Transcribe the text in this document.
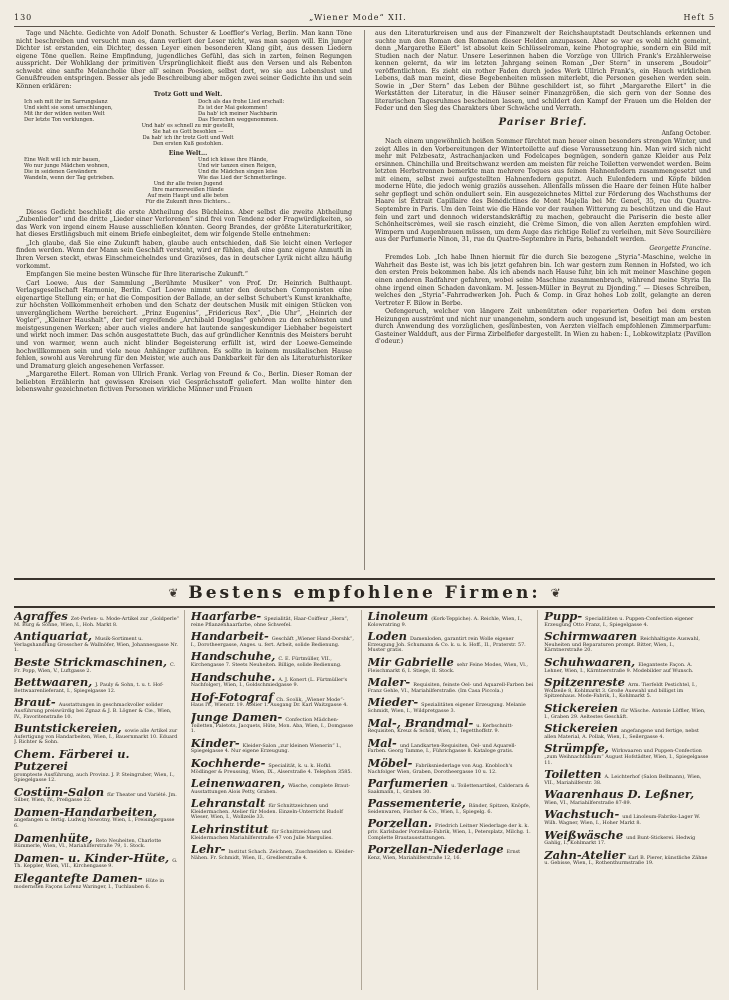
130	„Wiener Mode“ XII.	Heft 5

Tage und Nächte. Gedichte von Adolf Donath. Schuster & Loeffler's Verlag, Berlin. Man kann Töne nicht beschreiben und versucht man es, dann verliert der Leser nicht, was man sagen will. Ein junger Dichter ist erstanden, ein Dichter, dessen Leyer einen besonderen Klang gibt, aus dessen Liedern eigene Töne quellen. Reine Empfindung, jugendliches Gefühl, das sich in zarten, feinen Regungen ausspricht. Der Wohlklang der primitiven Ursprünglichkeit fließt aus den Versen und als Rebenton schwebt eine sanfte Melancholie über all' seinen Poesien, selbst dort, wo sie aus Lebenslust und Genußfreuden entspringen. Besser als jede Beschreibung aber mögen zwei seiner Gedichte ihn und sein Können erklären:

Trotz Gott und Welt.
Ich seh mit ihr im Sarrungslanz
Und sieht sie sonst umschlungen,
Mit ihr der wilden weiten Welt
Der letzte Ton verklungen.
Doch als das frohe Lied erschall:
Es ist der Mai gekommen!
Da hab' ich meiner Nachbarin
Das Herzchen weggenommen.
Und hab' es schnell zu mir gestellt,
Sie hat es Gott besohlen —
Da hab' ich ihr trotz Gott und Welt
Den ersten Kuß gestohlen.
Eine Welt...
Eine Welt will ich mir bauen,
Wo nur junge Mädchen wohnen,
Die in seidenen Gewändern
Wandeln, wenn der Tag getrieben.
Und ich küsse ihre Hände,
Und wir tanzen einen Reigen,
Und die Mädchen singen leise
Wie das Lied der Schmetterlinge.
Und ihr alle freien Jugend
Ihre marmorweißen Hände
Auf mein Haupt und alle beten
Für die Zukunft ihres Dichters...

Dieses Gedicht beschließt die erste Abtheilung des Büchleins. Aber selbst die zweite Abtheilung „Zubenlieder“ und die dritte „Lieder einer Verlorenen“ sind frei von Tendenz oder Fragwürdigkeiten, so das Werk von irgend einem Hause ausschließen könnten. Georg Brandes, der größte Literaturkritiker, hat dieses Erstlingsbuch mit einem Briefe einbegleitet, dem wir folgende Stelle entnehmen:

„Ich glaube, daß Sie eine Zukunft haben, glaube auch entschieden, daß Sie leicht einen Verleger finden werden. Wenn der Mann sein Geschäft versteht, wird er fühlen, daß eine ganz eigene Anmuth in Ihren Versen steckt, etwas Einschmeichelndes und Graziöses, das in deutscher Lyrik nicht allzu häufig vorkommt.

Empfangen Sie meine besten Wünsche für Ihre literarische Zukunft.“

Carl Loewe. Aus der Sammlung „Berühmte Musiker“ von Prof. Dr. Heinrich Bulthaupt. Verlagsgesellschaft Harmonie, Berlin. Carl Loewe nimmt unter den deutschen Componisten eine eigenartige Stellung ein; er hat die Composition der Ballade, an der selbst Schubert's Kunst krankhafte, zur höchsten Vollkommenheit erhoben und den Schatz der deutschen Musik mit einigen Stücken von unvergänglichem Werthe bereichert. „Prinz Eugenius“, „Fridericus Rex“, „Die Uhr“, „Heinrich der Vogler“, „Kleiner Haushalt“, der tief ergreifende „Archibald Douglas“ gehören zu den schönsten und meistgesungenen Werken; aber auch vieles andere hat lautende sangeskundiger Liebhaber begeistert und wirkt noch immer. Das schön ausgestattete Buch, das auf gründlicher Kenntnis des Meisters beruht und von warmer, wenn auch nicht blinder Begeisterung erfüllt ist, wird der Loewe-Gemeinde hochwillkommen sein und viele neue Anhänger zuführen. Es sollte in keinem musikalischen Hause fehlen, sowohl aus Verehrung für den Meister, wie auch aus Dankbarkeit für den als Literaturhistoriker und Dramaturg gleich angesehenen Verfasser.

„Margarethe Eilert. Roman von Ullrich Frank. Verlag von Freund & Co., Berlin. Dieser Roman der beliebten Erzählerin hat gewissen Kreisen viel Gesprächsstoff geliefert. Man wollte hinter den lebenswahr gezeichneten fictiven Personen wirkliche Männer und Frauen

aus den Literaturkreisen und aus der Finanzwelt der Reichshauptstadt Deutschlands erkennen und suchte nun den Roman den Romanen dieser Helden anzupassen. Aber so war es wohl nicht gemeint, denn „Margarethe Eilert“ ist absolut kein Schlüsselroman, keine Photographie, sondern ein Bild mit Studien nach der Natur. Unsere Leserinnen haben die Vorzüge von Ullrich Frank's Erzählerweise kennen gelernt, da wir im letzten Jahrgang seinen Roman „Der Stern“ in unserem „Boudoir“ veröffentlichten. Es zieht ein rother Faden durch jedes Werk Ullrich Frank's, ein Hauch wirklichen Lebens, daß man meint, diese Begebenheiten müssen miterlebt, die Personen gesehen werden sein. Sowie in „Der Stern“ das Leben der Bühne geschildert ist, so führt „Margarethe Eilert“ in die Werkstätten der Literatur, in die Häuser seiner Finanzgrößen, die sich gern von der Sonne des literarischen Tagesruhmes bescheinen lassen, und schildert den Kampf der Frauen um die Helden der Feder und den Sieg des Charakters über Schwäche und Verrath.

Pariser Brief.
Anfang October.

Nach einem ungewöhnlich heißen Sommer fürchtet man heuer einen besonders strengen Winter, und zeigt Alles in den Vorbereitungen der Wintertoilette auf diese Voraussetzung hin. Man wird sich nicht mehr mit Pelzbesatz, Astrachanjacken und Fodelcapes begnügen, sondern ganze Kleider aus Pelz ersinnen. Chinchilla und Breitschwanz werden am meisten für reiche Toiletten verwendet werden. Beim letzten Herbstrennen bemerkte man mehrere Toques aus feinen Hahnenfedern zusammengesetzt und mit einem, selbst zwei aufgestellten Hahnenfedern geputzt. Auch Eulenfedern und Köpfe bilden moderne Hüte, die jedoch wenig graziös aussehen. Allenfalls müssen die Haare der feinen Hüte halber sehr gepflegt und schön onduliert sein. Ein ausgezeichnetes Mittel zur Förderung des Wachsthums der Haare ist Extrait Capillaire des Bénédictines de Mont Majella bei Mr. Genet, 35, rue du Quatre-Septembre in Paris. Um den Teint wie die Hände vor der rauhen Witterung zu beschützen und die Haut fein und zart und dennoch widerstandskräftig zu machen, gebraucht die Pariserin die beste aller Schönheitscrèmes, weil sie rasch einzieht, die Crème Simon, die von allen Aerzten empfohlen wird. Wimpern und Augenbrauen müssen, um dem Auge das richtige Relief zu verleihen, mit Sève Sourcilière aus der Parfumerie Ninon, 31, rue du Quatre-Septembre in Paris, behandelt werden.

Georgette Francine.

Fremdes Lob. „Ich habe Ihnen hiermit für die durch Sie bezogene „Styria“-Maschine, welche in Wahrheit das Beste ist, was ich bis jetzt gefahren bin. Ich war gestern zum Rennen in Hofsted, wo ich den ersten Preis bekommen habe. Als ich abends nach Hause fuhr, bin ich mit meiner Maschine gegen einen anderen Radfahrer gefahren, wobei seine Maschine zusammenbrach, während meine Styria Ila ohne irgend einen Schaden davonkam. M. Jessen-Müller in Beyrut zu Djonding.“ — Dieses Schreiben, welches den „Styria“-Fahrradwerken Joh. Puch & Comp. in Graz hohes Lob zollt, gelangte an deren Vertreter F. Bilow in Berbe.

Oefengeruch, welcher von längere Zeit unbenützten oder reparierten Oefen bei dem ersten Heizungen ausströmt und nicht nur unangenehm, sondern auch ungesund ist, beseitigt man am besten durch Anwendung des vorzüglichen, geslünbesten, von Aerzten vielfach empfohlenen Zimmerparfum: Gasteiner Waldduft, aus der Firma Zirbelfiefer dargestellt. In Wien zu haben: I., Lobkowitzplatz (Pavillon d'odeur.)

❦ Bestens empfohlene Firmen: ❦
Agraffes Zet-Perlen- u. Mode-Artikel zur „Goldperle“ M. Burg & Söhne, Wien, I., Hoh. Markt 8.
Antiquariat, Musik-Sortiment u. Verlagshandlung Grosscher & Wallnöfer, Wien, Johannesgasse Nr. 1.
Beste Strickmaschinen, C. Fr. Popp, Wien, V., Luftgasse 2.
Bettwaaren, J. Pauly & Sohn, t. u. t. Hof-Bettwaarenlieferant, I., Spiegelgasse 12.
Braut- Ausstattungen in geschmackvoller solider Ausführung preiswürdig bei Zgnaz & J. B. Lögner & Cie., Wien, IV., Favoritenstraße 10.
Buntstickereien, sowie alle Artikel zur Aufertigung von Handarbeiten, Wien, I., Bauernmarkt 10. Eduard J. Richter & Sohn.
Chem. Färberei u. Putzereiprompteste Ausführung, auch Provinz. J. P. Steingruber, Wien, I., Spiegelgasse 12.
Costüm-Salon für Theater und Variété. Jm. Silber, Wien, IV., Preßgasse 22.
Damen-Handarbeiten,angefangen u. fertig. Ludwig Nowotny, Wien, I., Freisingergasse 6.
Damenhüte, Reto Neuheiten, Charlotte Rümmerle, Wien, VI., Mariahilferstraße 79, 1. Stock.
Damen- u. Kinder-Hüte, G. Th. Keppler, Wien, VII., Kirchengasse 9.
Elegantefte Damen- Hüte in modernsten Façons Lorenz Waringer, I., Tuchlauben 6.
Haarfarbe- Spezialität, Haar-Coiffeur „Hera“, reine Pflanzenhaarfarbe, ohne Schwefel.
Handarbeit- Geschäft „Wiener Hand-Dorshk“, I., Dorotheergasse, Anges. u. fert. Arbeit, solide Bedienung.
Handschuhe, C. E. Fürtmüller, VII., Kirchengasse 7. Steets Neuheiten. Billige, solide Bedienung.
Handschuhe. A. J. Konert (L. Fürtmüller's Nachfolger), Wien, I., Goldschmiedgasse 9.
Hof-Fotograf Ch. Scolik, „Wiener Mode“-Haus IV., Wienstr. 19. Atelier 1. Ausgang Dr. Karl Waitzgasse 4.
Junge Damen- Confection Mädchen-Toiletten, Paletots, Jacquets, Hüte, Mon. Aba, Wien, I., Domgasse 1.
Kinder- Kleider-Salon „zur kleinen Wienerin“ I., Spiegelgasse 4. Nur eigene Erzeugung.
Kochherde- Specialität, k. u. k. Hofkl. Mödlinger & Preussing, Wien, IX., Alserstraße 4. Telephon 3585.
Leinenwaaren, Wäsche, complete Braut-Ausstattungen Alois Petty, Graben.
Lehranstalt für Schnittzeichnen und Kleidermachen. Atelier für Moden. Einzeln-Unterricht Rudolf Wieser, Wien, I., Wollzeile 33.
Lehrinstitut für Schnittzeichnen und Kleidermachen Mariahilferstraße 47 von Julie Margulies.
Lehr- Institut Schach. Zeichnen, Zuschneiden u. Kleider-Nähen. Fr. Schmidt, Wien, II., Gredlerstraße 4.
Linoleum (Kork-Teppiche). A. Reichle, Wien, I., Kolowratring 9.
Loden Damenloden, garantirt rein Wolle eigener Erzeugung Joh. Schumann & Co. k. u. k. Hoff., II., Praterstr. 57. Muster gratis.
Mir Gabrielle sehr Feine Modes, Wien, Vl., Fleischmarkt 6, I. Stiege, II. Stock.
Maler- Requisiten, feinste Oel- und Aquarell-Farben bei Franz Gehle, VI., Mariahilferstraße. (Im Casa Piccola.)
Mieder- Spezialitäten eigener Erzeugung. Melanie Schmidt, Wien, I., Wildpretgasse 3.
Mal-, Brandmal- u. Kerbschnitt-Requisiten, Kreuz & Schöll, Wien, I., Tegetthoffstr. 9.
Mal- und Landkarten-Requisiten, Oel- und Aquarell-Farben. Georg Tamme, I., Führichgasse 8. Kataloge gratis.
Möbel- Fabriksniederlage von Aug. Knobloch's Nachfolger Wien, Graben, Dorotheergasse 10 u. 12.
Parfumerien u. Toilettenartikel, Calderara & Saakmann, I., Graben 30.
Passementerie, Bänder, Spitzen, Knöpfe, Seidenwaren, Fischer & Co., Wien, I., Spiegelg. 6.
Porzellan. Friedrich Leitner Niederlage der k. k. priv. Karlsbader Porzellan-Fabrik, Wien, I., Petersplatz, Milchg. 1. Complette Brautausstattungen.
Porzellan-Niederlage Ernst Kenz, Wien, Mariahilferstraße 12, 16.
Pupp- Specialitäten u. Puppen-Confection eigener Erzeugung Otto Franz, I., Spiegelgasse 4.
Schirmwaaren Reichhaltigste Auswahl, Neuheiten und Reparaturen prompt. Bitter, Wien, I., Kärntnerstraße 20.
Schuhwaaren, Eleganteste Façon. A. Lehner, Wien, I., Kärntnerstraße 9. Modebilder auf Wunsch.
Spitzenreste Arm. Tierfeldt Pestichtel, I., Wollzeile 8, Kohlmarkt 3. Große Auswahl und billigst im Spitzenhaus. Mode-Fabrik, I., Kohlmarkt 5.
Stickereien für Wäsche. Antonie Löffler, Wien, I., Graben 29. Aeltestes Geschäft.
Stickereien angefangene und fertige, nebst allen Material, A. Pollak, Wien, I., Seilergasse 4.
Strümpfe, Wirkwaaren und Puppen-Confection „zum Weihnachtsbaum“ August Hofstädter, Wien, I., Spiegelgasse 11.
Toiletten A. Leichterhof (Salon Bellmann), Wien, VII., Mariahilferstr. 38.
Waarenhaus D. Leßner,Wien, VI., Mariahilferstraße 87-89.
Wachstuch- und Linoleum-Fabriks-Lager W. Wilh. Wagner, Wien, I., Hoher Markt 8.
Weißwäsche und Bunt-Stickerei. Hedwig Gahlig, I., Kohlmarkt 17.
Zahn-Atelier Karl B. Pierer, künstliche Zähne u. Gebisse, Wien, I., Rothenthurmstraße 19.
